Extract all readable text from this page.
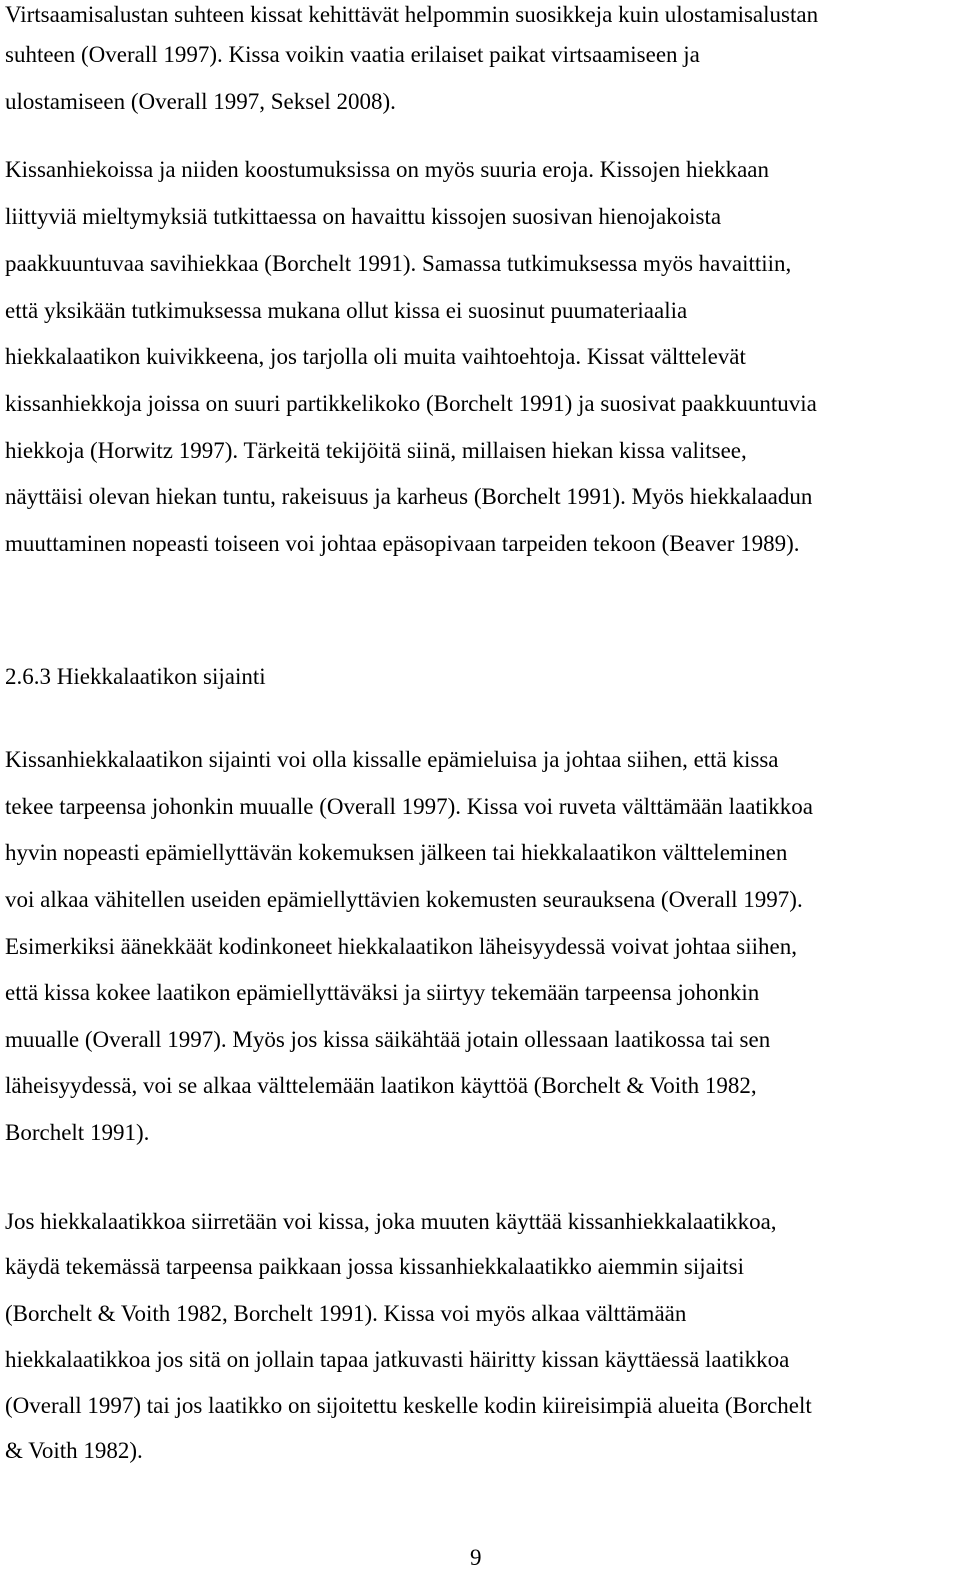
Virtsaamisalustan suhteen kissat kehittävät helpommin suosikkeja kuin ulostamisalustan
suhteen (Overall 1997). Kissa voikin vaatia erilaiset paikat virtsaamiseen ja
ulostamiseen (Overall 1997, Seksel 2008).
Kissanhiekoissa ja niiden koostumuksissa on myös suuria eroja. Kissojen hiekkaan
liittyviä mieltymyksiä tutkittaessa on havaittu kissojen suosivan hienojakoista
paakkuuntuvaa savihiekkaa (Borchelt 1991). Samassa tutkimuksessa myös havaittiin,
että yksikään tutkimuksessa mukana ollut kissa ei suosinut puumateriaalia
hiekkalaatikon kuivikkeena, jos tarjolla oli muita vaihtoehtoja. Kissat välttelevät
kissanhiekkoja joissa on suuri partikkelikoko (Borchelt 1991) ja suosivat paakkuuntuvia
hiekkoja (Horwitz 1997). Tärkeitä tekijöitä siinä, millaisen hiekan kissa valitsee,
näyttäisi olevan hiekan tuntu, rakeisuus ja karheus (Borchelt 1991). Myös hiekkalaadun
muuttaminen nopeasti toiseen voi johtaa epäsopivaan tarpeiden tekoon (Beaver 1989).
2.6.3 Hiekkalaatikon sijainti
Kissanhiekkalaatikon sijainti voi olla kissalle epämieluisa ja johtaa siihen, että kissa
tekee tarpeensa johonkin muualle (Overall 1997). Kissa voi ruveta välttämään laatikkoa
hyvin nopeasti epämiellyttävän kokemuksen jälkeen tai hiekkalaatikon vältteleminen
voi alkaa vähitellen useiden epämiellyttävien kokemusten seurauksena (Overall 1997).
Esimerkiksi äänekkäät kodinkoneet hiekkalaatikon läheisyydessä voivat johtaa siihen,
että kissa kokee laatikon epämiellyttäväksi ja siirtyy tekemään tarpeensa johonkin
muualle (Overall 1997). Myös jos kissa säikähtää jotain ollessaan laatikossa tai sen
läheisyydessä, voi se alkaa välttelemään laatikon käyttöä (Borchelt & Voith 1982,
Borchelt 1991).
Jos hiekkalaatikkoa siirretään voi kissa, joka muuten käyttää kissanhiekkalaatikkoa,
käydä tekemässä tarpeensa paikkaan jossa kissanhiekkalaatikko aiemmin sijaitsi
(Borchelt & Voith 1982, Borchelt 1991). Kissa voi myös alkaa välttämään
hiekkalaatikkoa jos sitä on jollain tapaa jatkuvasti häiritty kissan käyttäessä laatikkoa
(Overall 1997) tai jos laatikko on sijoitettu keskelle kodin kiireisimpiä alueita (Borchelt
& Voith 1982).
9
